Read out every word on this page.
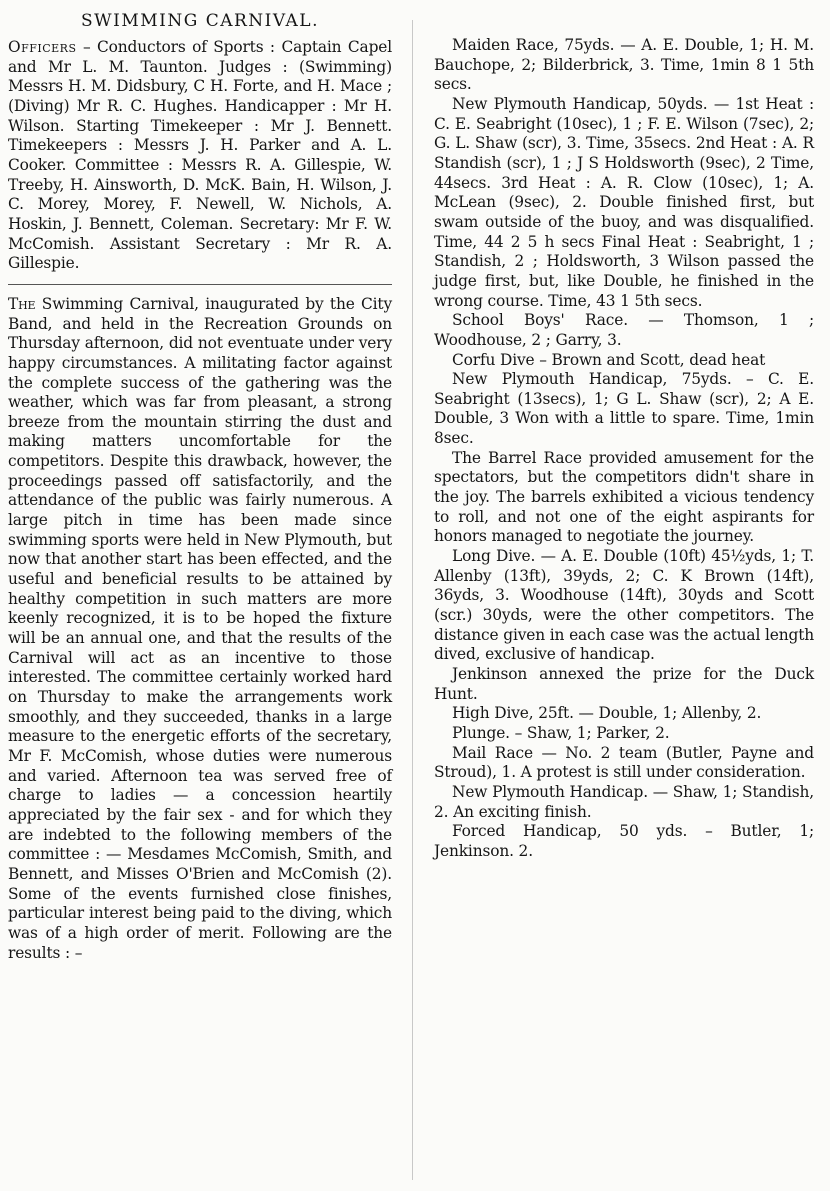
SWIMMING CARNIVAL.

Officers – Conductors of Sports : Captain Capel and Mr L. M. Taunton. Judges : (Swimming) Messrs H. M. Didsbury, C H. Forte, and H. Mace ; (Diving) Mr R. C. Hughes. Handicapper : Mr H. Wilson. Starting Timekeeper : Mr J. Bennett. Timekeepers : Messrs J. H. Parker and A. L. Cooker. Committee : Messrs R. A. Gillespie, W. Treeby, H. Ainsworth, D. McK. Bain, H. Wilson, J. C. Morey, Morey, F. Newell, W. Nichols, A. Hoskin, J. Bennett, Coleman. Secretary: Mr F. W. McComish. Assistant Secretary : Mr R. A. Gillespie.

The Swimming Carnival, inaugurated by the City Band, and held in the Recreation Grounds on Thursday afternoon, did not eventuate under very happy circumstances. A militating factor against the complete success of the gathering was the weather, which was far from pleasant, a strong breeze from the mountain stirring the dust and making matters uncomfortable for the competitors. Despite this drawback, however, the proceedings passed off satisfactorily, and the attendance of the public was fairly numerous. A large pitch in time has been made since swimming sports were held in New Plymouth, but now that another start has been effected, and the useful and beneficial results to be attained by healthy competition in such matters are more keenly recognized, it is to be hoped the fixture will be an annual one, and that the results of the Carnival will act as an incentive to those interested. The committee certainly worked hard on Thursday to make the arrangements work smoothly, and they succeeded, thanks in a large measure to the energetic efforts of the secretary, Mr F. McComish, whose duties were numerous and varied. Afternoon tea was served free of charge to ladies — a concession heartily appreciated by the fair sex - and for which they are indebted to the following members of the committee : — Mesdames McComish, Smith, and Bennett, and Misses O'Brien and McComish (2). Some of the events furnished close finishes, particular interest being paid to the diving, which was of a high order of merit. Following are the results : –

Maiden Race, 75yds. — A. E. Double, 1; H. M. Bauchope, 2; Bilderbrick, 3. Time, 1min 8 1 5th secs.

New Plymouth Handicap, 50yds. — 1st Heat : C. E. Seabright (10sec), 1 ; F. E. Wilson (7sec), 2; G. L. Shaw (scr), 3. Time, 35secs. 2nd Heat : A. R Standish (scr), 1 ; J S Holdsworth (9sec), 2 Time, 44secs. 3rd Heat : A. R. Clow (10sec), 1; A. McLean (9sec), 2. Double finished first, but swam outside of the buoy, and was disqualified. Time, 44 2 5 h secs Final Heat : Seabright, 1 ; Standish, 2 ; Holdsworth, 3 Wilson passed the judge first, but, like Double, he finished in the wrong course. Time, 43 1 5th secs.

School Boys' Race. — Thomson, 1 ; Woodhouse, 2 ; Garry, 3.

Corfu Dive – Brown and Scott, dead heat

New Plymouth Handicap, 75yds. – C. E. Seabright (13secs), 1; G L. Shaw (scr), 2; A E. Double, 3 Won with a little to spare. Time, 1min 8sec.

The Barrel Race provided amusement for the spectators, but the competitors didn't share in the joy. The barrels exhibited a vicious tendency to roll, and not one of the eight aspirants for honors managed to negotiate the journey.

Long Dive. — A. E. Double (10ft) 45½yds, 1; T. Allenby (13ft), 39yds, 2; C. K Brown (14ft), 36yds, 3. Woodhouse (14ft), 30yds and Scott (scr.) 30yds, were the other competitors. The distance given in each case was the actual length dived, exclusive of handicap.

Jenkinson annexed the prize for the Duck Hunt.

High Dive, 25ft. — Double, 1; Allenby, 2.

Plunge. – Shaw, 1; Parker, 2.

Mail Race — No. 2 team (Butler, Payne and Stroud), 1. A protest is still under consideration.

New Plymouth Handicap. — Shaw, 1; Standish, 2. An exciting finish.

Forced Handicap, 50 yds. – Butler, 1; Jenkinson. 2.
